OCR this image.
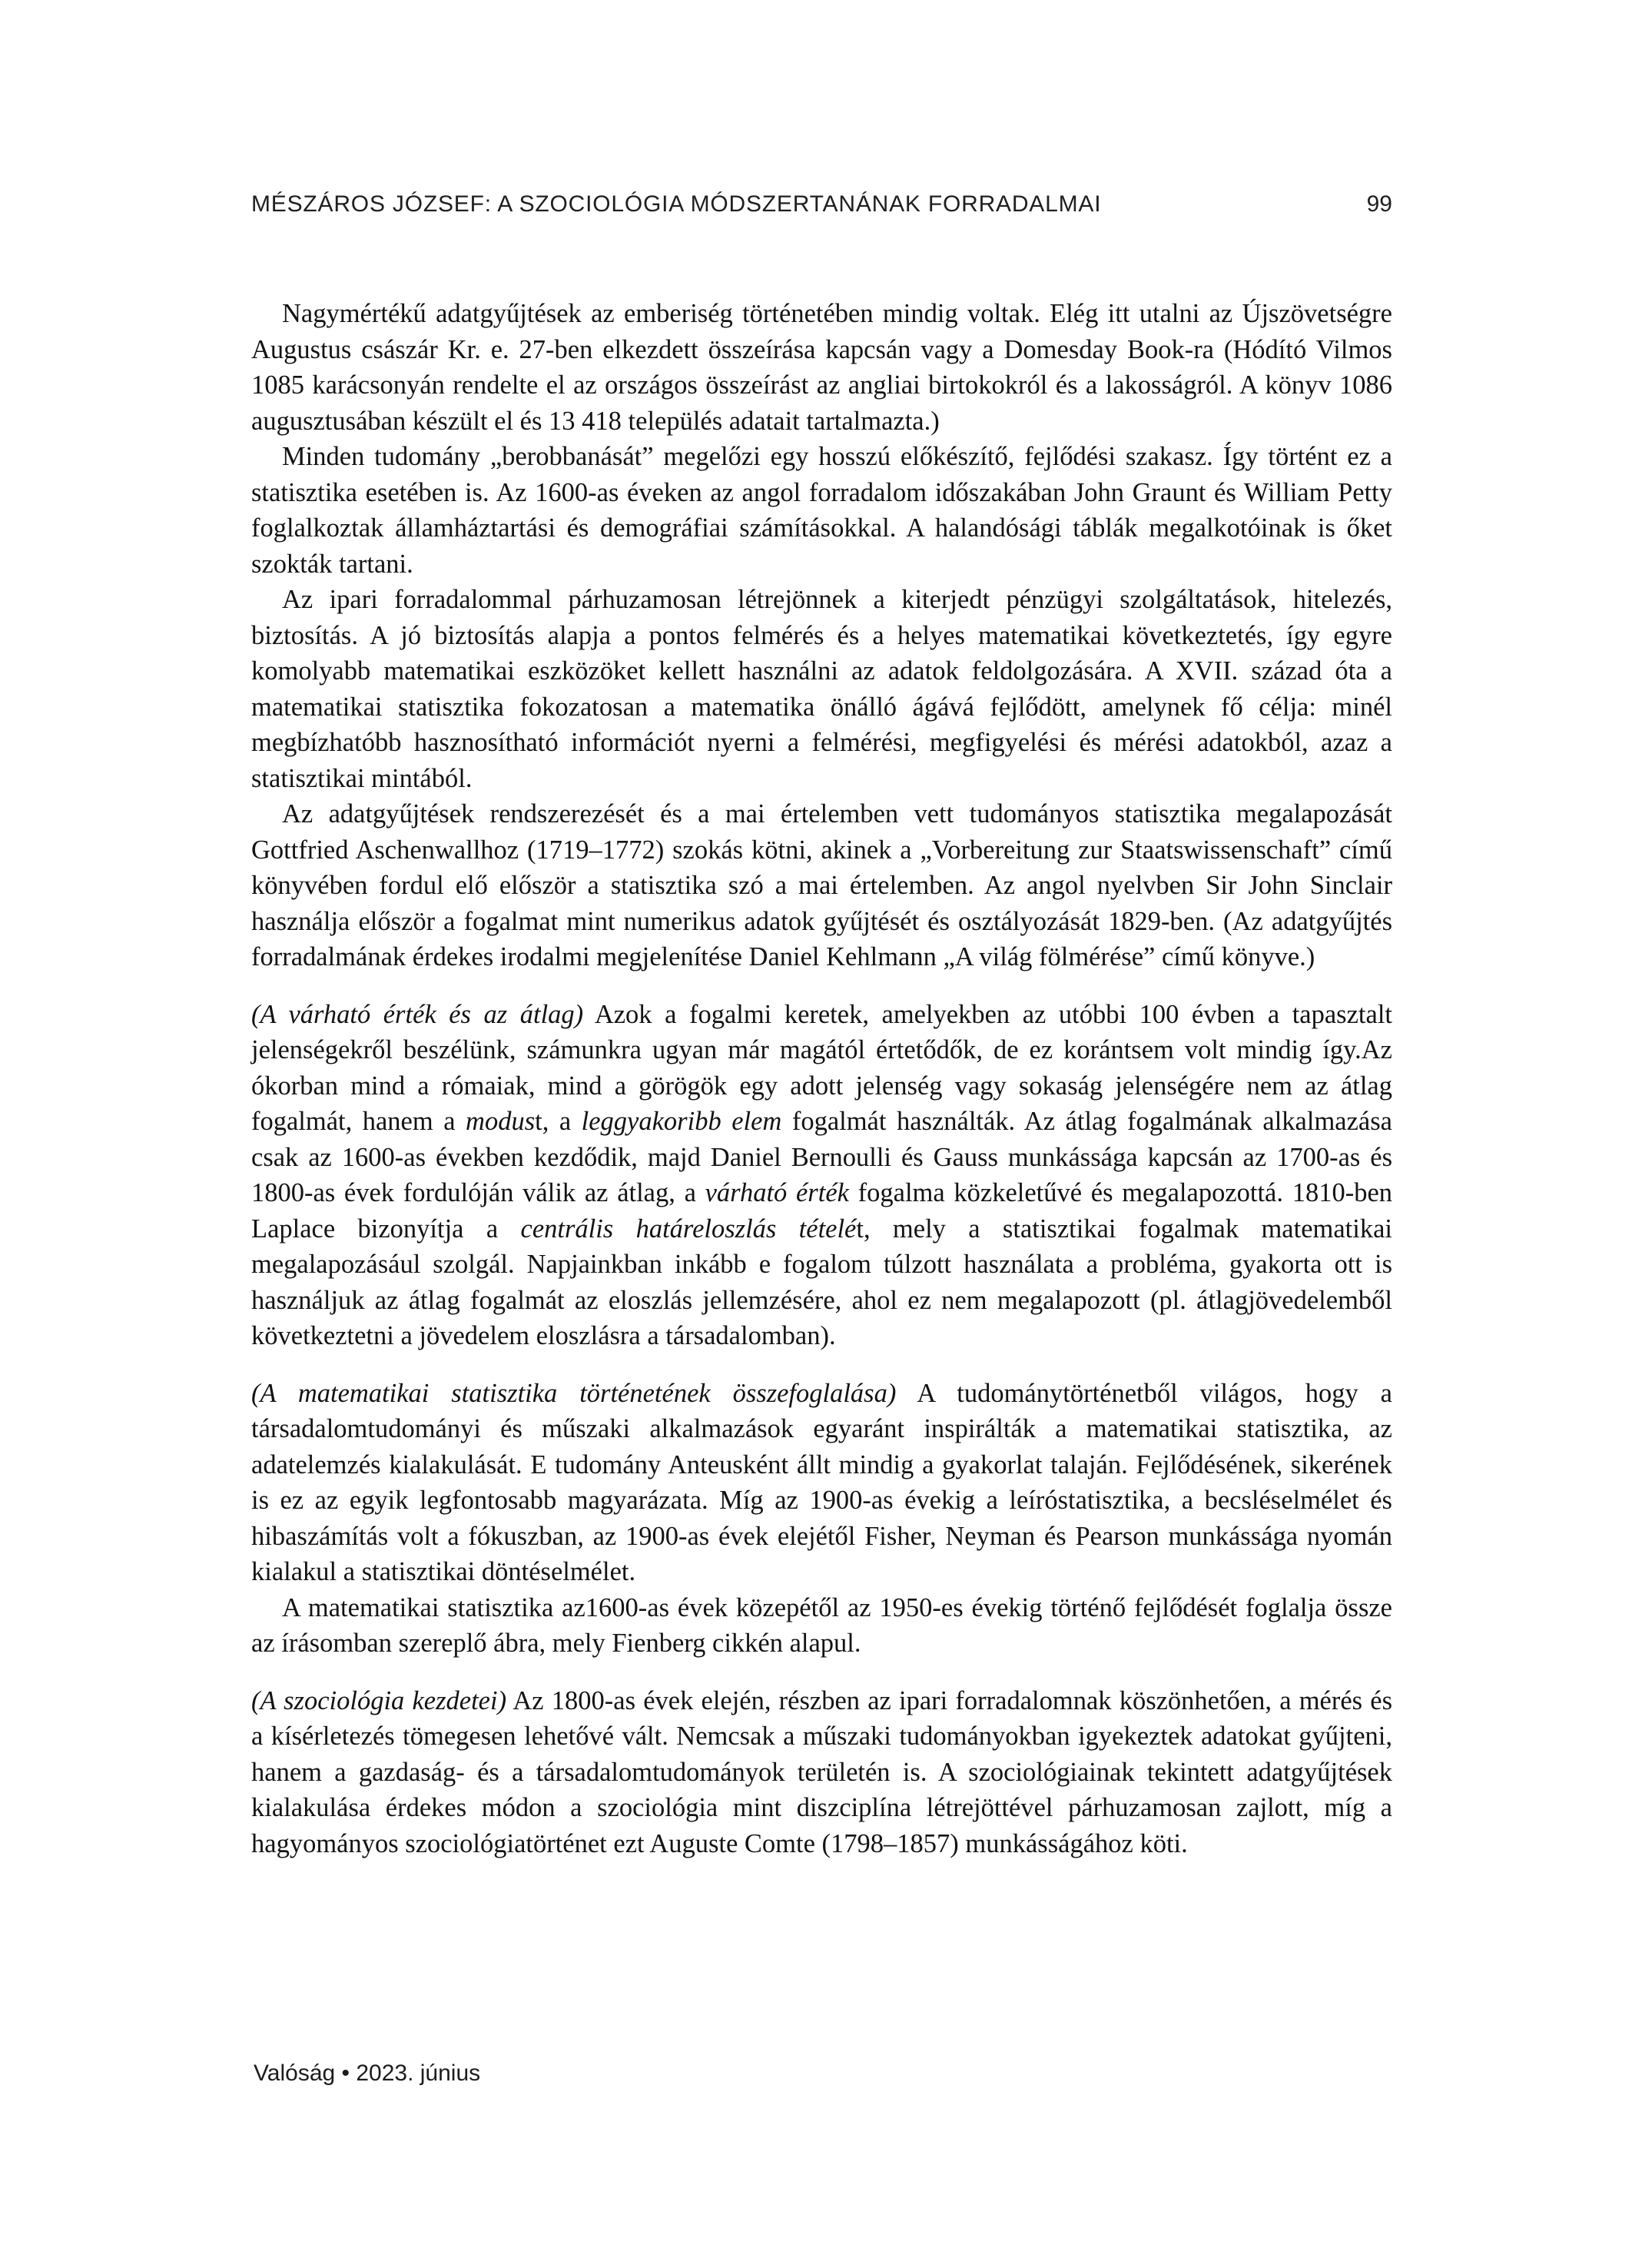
MÉSZÁROS JÓZSEF: A SZOCIOLÓGIA MÓDSZERTANÁNAK FORRADALMAI	99

Nagymértékű adatgyűjtések az emberiség történetében mindig voltak. Elég itt utalni az Újszövetségre Augustus császár Kr. e. 27-ben elkezdett összeírása kapcsán vagy a Domesday Book-ra (Hódító Vilmos 1085 karácsonyán rendelte el az országos összeírást az angliai birtokokról és a lakosságról. A könyv 1086 augusztusában készült el és 13 418 település adatait tartalmazta.)

Minden tudomány „berobbanását” megelőzi egy hosszú előkészítő, fejlődési szakasz. Így történt ez a statisztika esetében is. Az 1600-as éveken az angol forradalom időszakában John Graunt és William Petty foglalkoztak államháztartási és demográfiai számításokkal. A halandósági táblák megalkotóinak is őket szokták tartani.

Az ipari forradalommal párhuzamosan létrejönnek a kiterjedt pénzügyi szolgáltatások, hitelezés, biztosítás. A jó biztosítás alapja a pontos felmérés és a helyes matematikai következtetés, így egyre komolyabb matematikai eszközöket kellett használni az adatok feldolgozására. A XVII. század óta a matematikai statisztika fokozatosan a matematika önálló ágává fejlődött, amelynek fő célja: minél megbízhatóbb hasznosítható információt nyerni a felmérési, megfigyelési és mérési adatokból, azaz a statisztikai mintából.

Az adatgyűjtések rendszerezését és a mai értelemben vett tudományos statisztika megalapozását Gottfried Aschenwallhoz (1719–1772) szokás kötni, akinek a „Vorbereitung zur Staatswissenschaft” című könyvében fordul elő először a statisztika szó a mai értelemben. Az angol nyelvben Sir John Sinclair használja először a fogalmat mint numerikus adatok gyűjtését és osztályozását 1829-ben. (Az adatgyűjtés forradalmának érdekes irodalmi megjelenítése Daniel Kehlmann „A világ fölmérése” című könyve.)

(A várható érték és az átlag) Azok a fogalmi keretek, amelyekben az utóbbi 100 évben a tapasztalt jelenségekről beszélünk, számunkra ugyan már magától értetődők, de ez korántsem volt mindig így.Az ókorban mind a rómaiak, mind a görögök egy adott jelenség vagy sokaság jelenségére nem az átlag fogalmát, hanem a modust, a leggyakoribb elem fogalmát használták. Az átlag fogalmának alkalmazása csak az 1600-as években kezdődik, majd Daniel Bernoulli és Gauss munkássága kapcsán az 1700-as és 1800-as évek fordulóján válik az átlag, a várható érték fogalma közkeletűvé és megalapozottá. 1810-ben Laplace bizonyítja a centrális határeloszlás tételét, mely a statisztikai fogalmak matematikai megalapozásául szolgál. Napjainkban inkább e fogalom túlzott használata a probléma, gyakorta ott is használjuk az átlag fogalmát az eloszlás jellemzésére, ahol ez nem megalapozott (pl. átlagjövedelemből következtetni a jövedelem eloszlásra a társadalomban).

(A matematikai statisztika történetének összefoglalása) A tudománytörténetből világos, hogy a társadalomtudományi és műszaki alkalmazások egyaránt inspirálták a matematikai statisztika, az adatelemzés kialakulását. E tudomány Anteusként állt mindig a gyakorlat talaján. Fejlődésének, sikerének is ez az egyik legfontosabb magyarázata. Míg az 1900-as évekig a leíróstatisztika, a becsléselmélet és hibaszámítás volt a fókuszban, az 1900-as évek elejétől Fisher, Neyman és Pearson munkássága nyomán kialakul a statisztikai döntéselmélet.

A matematikai statisztika az1600-as évek közepétől az 1950-es évekig történő fejlődését foglalja össze az írásomban szereplő ábra, mely Fienberg cikkén alapul.

(A szociológia kezdetei) Az 1800-as évek elején, részben az ipari forradalomnak köszönhetően, a mérés és a kísérletezés tömegesen lehetővé vált. Nemcsak a műszaki tudományokban igyekeztek adatokat gyűjteni, hanem a gazdaság- és a társadalomtudományok területén is. A szociológiainak tekintett adatgyűjtések kialakulása érdekes módon a szociológia mint diszciplína létrejöttével párhuzamosan zajlott, míg a hagyományos szociológiatörténet ezt Auguste Comte (1798–1857) munkásságához köti.

Valóság • 2023. június
